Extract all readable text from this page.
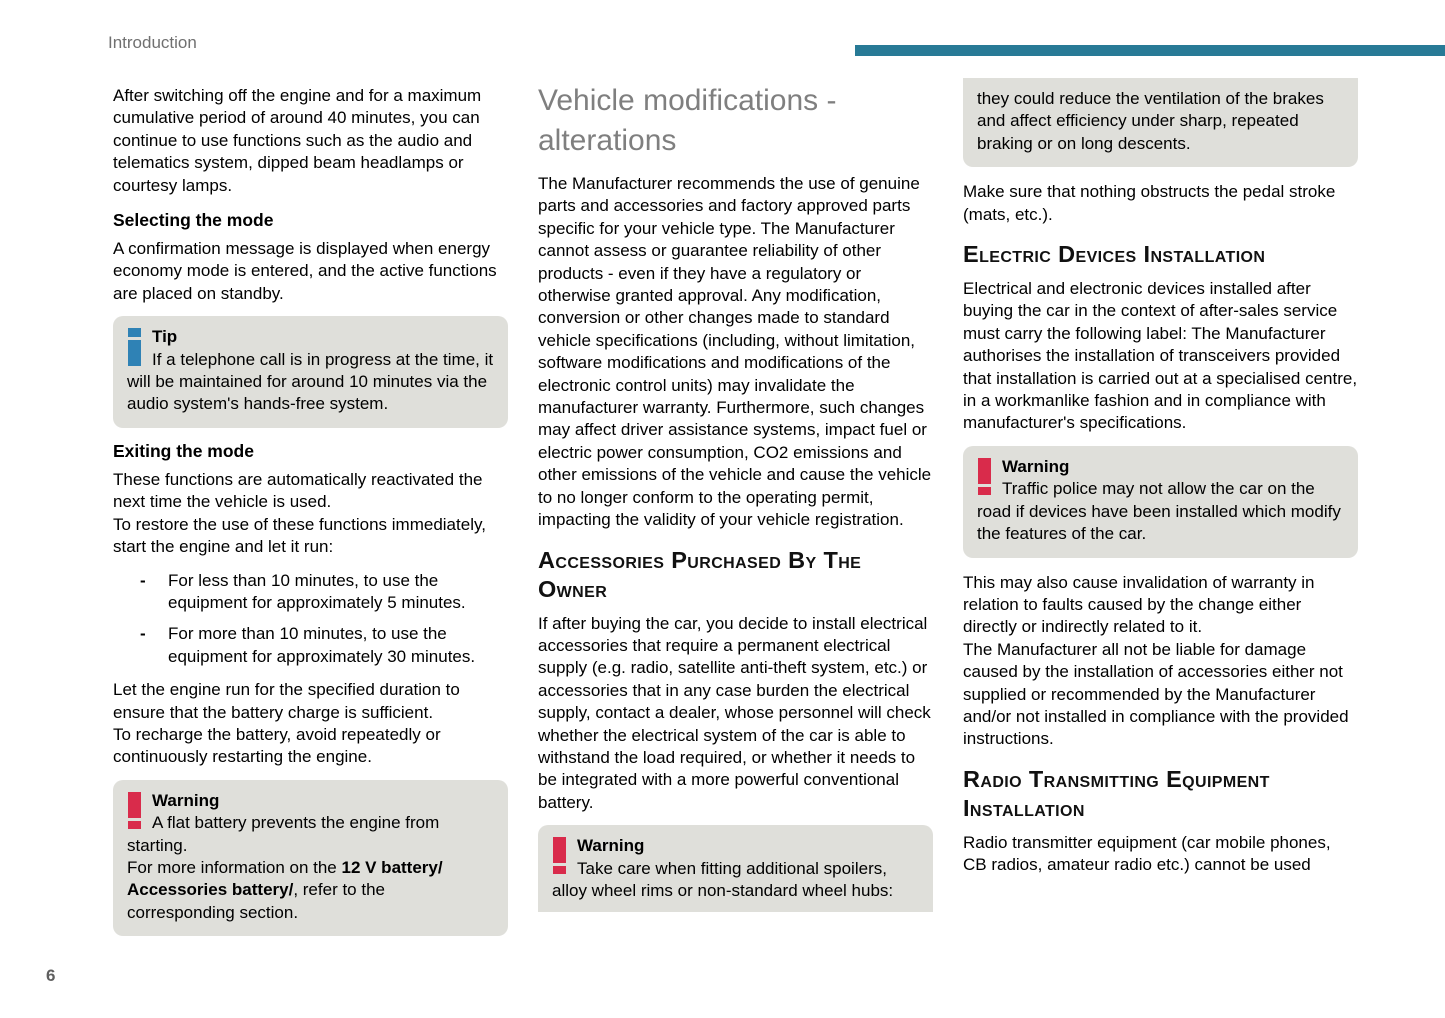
Introduction

After switching off the engine and for a maximum cumulative period of around 40 minutes, you can continue to use functions such as the audio and telematics system, dipped beam headlamps or courtesy lamps.

Selecting the mode

A confirmation message is displayed when energy economy mode is entered, and the active functions are placed on standby.

Tip
If a telephone call is in progress at the time, it will be maintained for around 10 minutes via the audio system's hands-free system.
Exiting the mode

These functions are automatically reactivated the next time the vehicle is used.
To restore the use of these functions immediately, start the engine and let it run:

- For less than 10 minutes, to use the equipment for approximately 5 minutes.
- For more than 10 minutes, to use the equipment for approximately 30 minutes.

Let the engine run for the specified duration to ensure that the battery charge is sufficient.
To recharge the battery, avoid repeatedly or continuously restarting the engine.

Warning
A flat battery prevents the engine from starting.
For more information on the 12 V battery/ Accessories battery/, refer to the corresponding section.
Vehicle modifications - alterations

The Manufacturer recommends the use of genuine parts and accessories and factory approved parts specific for your vehicle type. The Manufacturer cannot assess or guarantee reliability of other products - even if they have a regulatory or otherwise granted approval. Any modification, conversion or other changes made to standard vehicle specifications (including, without limitation, software modifications and modifications of the electronic control units) may invalidate the manufacturer warranty. Furthermore, such changes may affect driver assistance systems, impact fuel or electric power consumption, CO2 emissions and other emissions of the vehicle and cause the vehicle to no longer conform to the operating permit, impacting the validity of your vehicle registration.

Accessories Purchased By The Owner

If after buying the car, you decide to install electrical accessories that require a permanent electrical supply (e.g. radio, satellite anti-theft system, etc.) or accessories that in any case burden the electrical supply, contact a dealer, whose personnel will check whether the electrical system of the car is able to withstand the load required, or whether it needs to be integrated with a more powerful conventional battery.

Warning
Take care when fitting additional spoilers, alloy wheel rims or non-standard wheel hubs:
they could reduce the ventilation of the brakes and affect efficiency under sharp, repeated braking or on long descents.

Make sure that nothing obstructs the pedal stroke (mats, etc.).

Electric Devices Installation

Electrical and electronic devices installed after buying the car in the context of after-sales service must carry the following label: The Manufacturer authorises the installation of transceivers provided that installation is carried out at a specialised centre, in a workmanlike fashion and in compliance with manufacturer's specifications.

Warning
Traffic police may not allow the car on the road if devices have been installed which modify the features of the car.

This may also cause invalidation of warranty in relation to faults caused by the change either directly or indirectly related to it.
The Manufacturer all not be liable for damage caused by the installation of accessories either not supplied or recommended by the Manufacturer and/or not installed in compliance with the provided instructions.

Radio Transmitting Equipment Installation

Radio transmitter equipment (car mobile phones, CB radios, amateur radio etc.) cannot be used

6
